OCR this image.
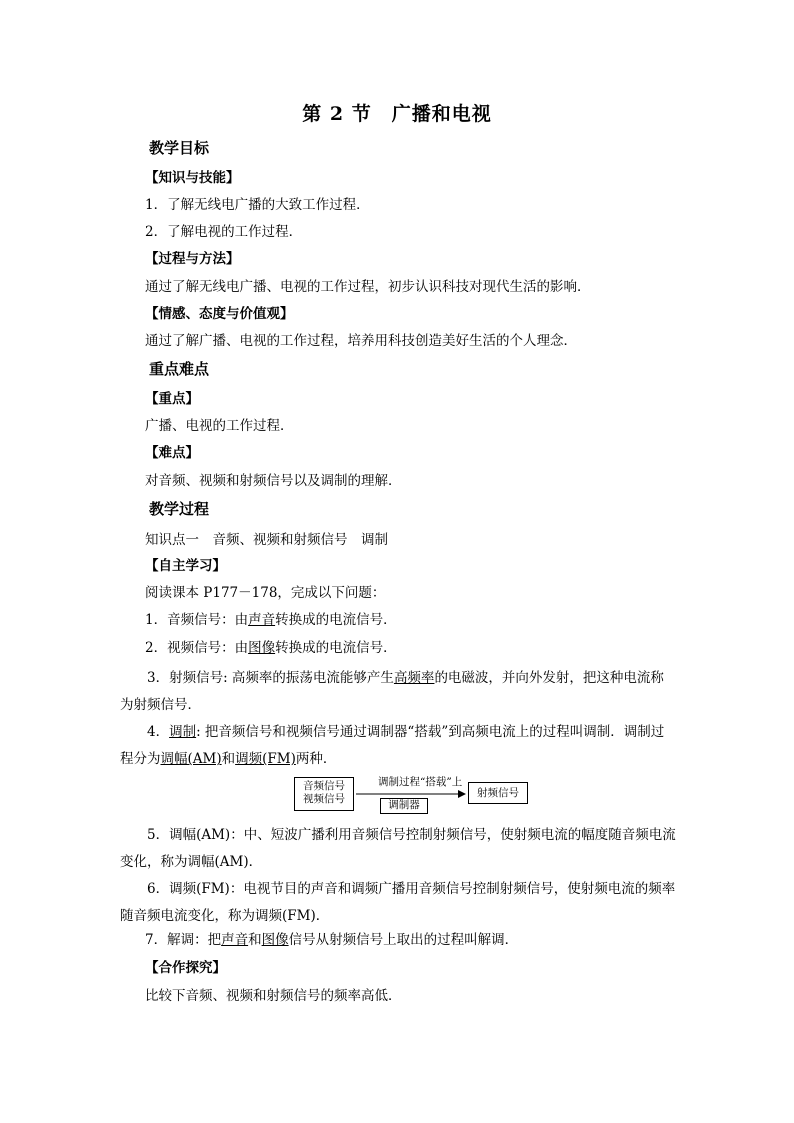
第 2 节　广播和电视
教学目标
【知识与技能】
1．了解无线电广播的大致工作过程．
2．了解电视的工作过程．
【过程与方法】
通过了解无线电广播、电视的工作过程，初步认识科技对现代生活的影响．
【情感、态度与价值观】
通过了解广播、电视的工作过程，培养用科技创造美好生活的个人理念．
重点难点
【重点】
广播、电视的工作过程．
【难点】
对音频、视频和射频信号以及调制的理解．
教学过程
知识点一　音频、视频和射频信号　调制
【自主学习】
阅读课本 P177－178，完成以下问题：
1．音频信号：由声音转换成的电流信号．
2．视频信号：由图像转换成的电流信号．
3．射频信号: 高频率的振荡电流能够产生高频率的电磁波，并向外发射，把这种电流称为射频信号．
4．调制: 把音频信号和视频信号通过调制器“搭载”到高频电流上的过程叫调制．调制过程分为调幅(AM)和调频(FM)两种．
音频信号
视频信号
调制过程“搭载”上
调制器
射频信号
5．调幅(AM)：中、短波广播利用音频信号控制射频信号，使射频电流的幅度随音频电流变化，称为调幅(AM)．
6．调频(FM)：电视节目的声音和调频广播用音频信号控制射频信号，使射频电流的频率随音频电流变化，称为调频(FM)．
7．解调：把声音和图像信号从射频信号上取出的过程叫解调．
【合作探究】
比较下音频、视频和射频信号的频率高低．
